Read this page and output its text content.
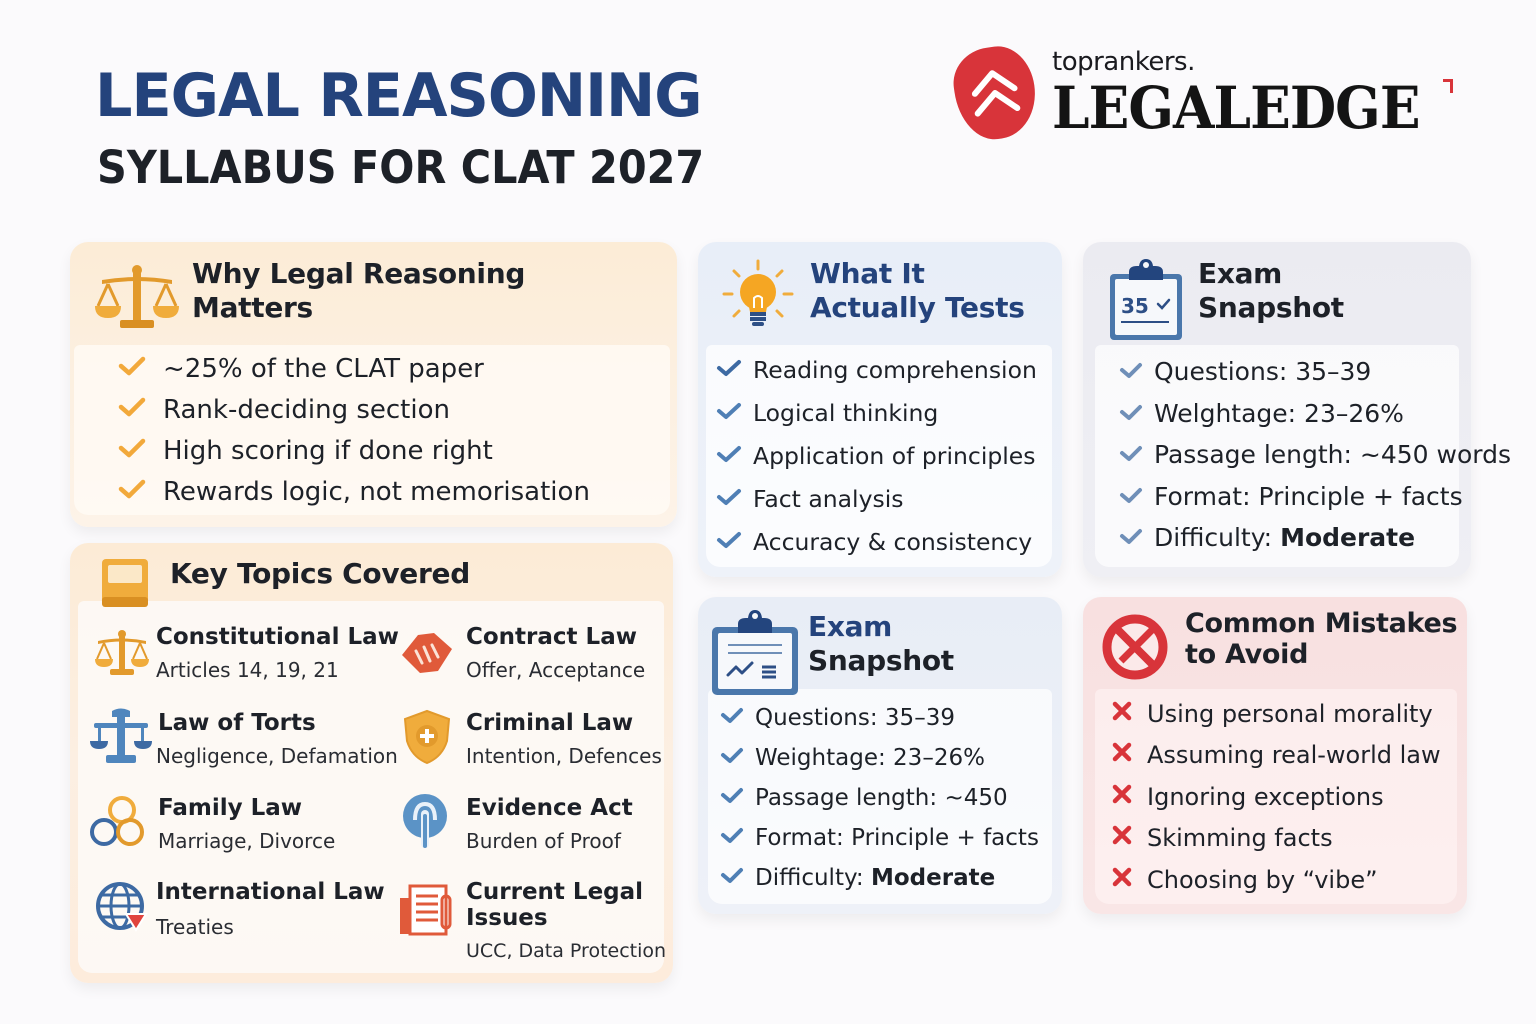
LEGAL REASONING
SYLLABUS FOR CLAT 2027
toprankers.
LEGALEDGE
Why Legal Reasoning
Matters
~25% of the CLAT paper
Rank-deciding section
High scoring if done right
Rewards logic, not memorisation
Key Topics Covered
Constitutional Law
Articles 14, 19, 21
Contract Law
Offer, Acceptance
Law of Torts
Negligence, Defamation
Criminal Law
Intention, Defences
Family Law
Marriage, Divorce
Evidence Act
Burden of Proof
International Law
Treaties
Current Legal
Issues
UCC, Data Protection
What It
Actually Tests
Reading comprehension
Logical thinking
Application of principles
Fact analysis
Accuracy & consistency
35
Exam
Snapshot
Questions: 35–39
Welghtage: 23–26%
Passage length: ~450 words
Format: Principle + facts
Difficulty: Moderate
Exam
Snapshot
Questions: 35–39
Weightage: 23–26%
Passage length: ~450
Format: Principle + facts
Difficulty: Moderate
Common Mistakes
to Avoid
Using personal morality
Assuming real-world law
Ignoring exceptions
Skimming facts
Choosing by “vibe”
